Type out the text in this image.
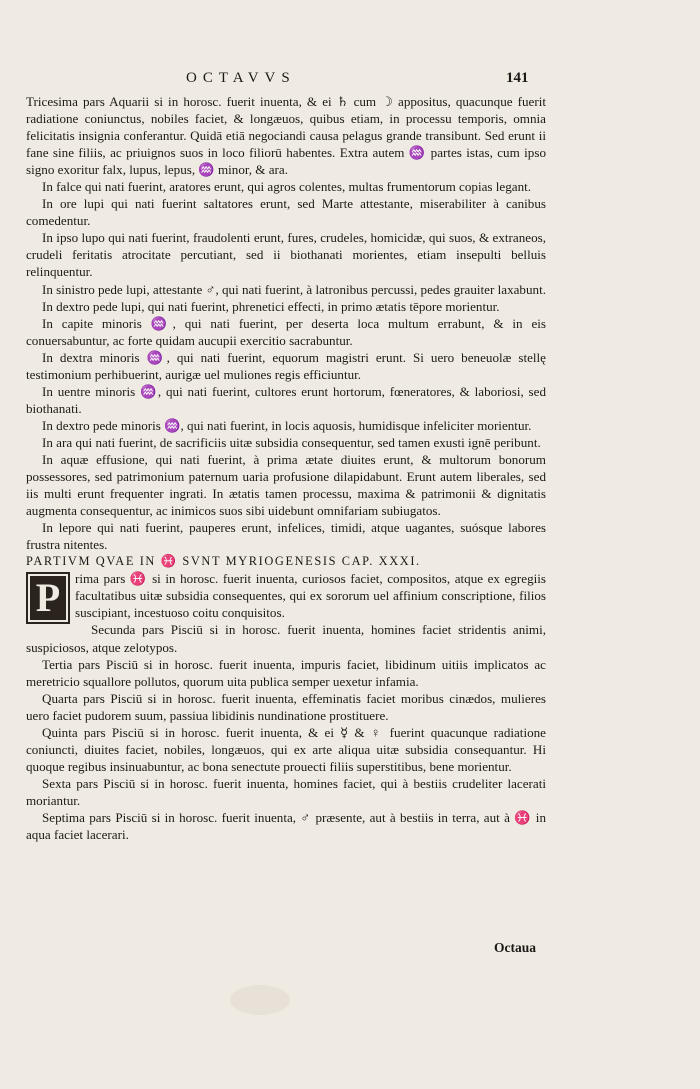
OCTAVVS	141

Tricesima pars Aquarii si in horosc. fuerit inuenta, & ei ♄ cum ☽ appositus, quacunque fuerit radiatione coniunctus, nobiles faciet, & longæuos, quibus etiam, in processu temporis, omnia felicitatis insignia conferantur. Quidā etiā negociandi causa pelagus grande transibunt. Sed erunt ii fane sine filiis, ac priuignos suos in loco filiorū habentes. Extra autem ♒ partes istas, cum ipso signo exoritur falx, lupus, lepus, ♒ minor, & ara.

In falce qui nati fuerint, aratores erunt, qui agros colentes, multas frumentorum copias legant.

In ore lupi qui nati fuerint saltatores erunt, sed Marte attestante, miserabiliter à canibus comedentur.

In ipso lupo qui nati fuerint, fraudolenti erunt, fures, crudeles, homicidæ, qui suos, & extraneos, crudeli feritatis atrocitate percutiant, sed ii biothanati morientes, etiam insepulti belluis relinquentur.

In sinistro pede lupi, attestante ♂, qui nati fuerint, à latronibus percussi, pedes grauiter laxabunt.

In dextro pede lupi, qui nati fuerint, phrenetici effecti, in primo ætatis tēpore morientur.

In capite minoris ♒, qui nati fuerint, per deserta loca multum errabunt, & in eis conuersabuntur, ac forte quidam aucupii exercitio sacrabuntur.

In dextra minoris ♒, qui nati fuerint, equorum magistri erunt. Si uero beneuolæ stellę testimonium perhibuerint, aurigæ uel muliones regis efficiuntur.

In uentre minoris ♒, qui nati fuerint, cultores erunt hortorum, fœneratores, & laboriosi, sed biothanati.

In dextro pede minoris ♒, qui nati fuerint, in locis aquosis, humidisque infeliciter morientur.

In ara qui nati fuerint, de sacrificiis uitæ subsidia consequentur, sed tamen exusti ignē peribunt.

In aquæ effusione, qui nati fuerint, à prima ætate diuites erunt, & multorum bonorum possessores, sed patrimonium paternum uaria profusione dilapidabunt. Erunt autem liberales, sed iis multi erunt frequenter ingrati. In ætatis tamen processu, maxima & patrimonii & dignitatis augmenta consequentur, ac inimicos suos sibi uidebunt omnifariam subiugatos.

In lepore qui nati fuerint, pauperes erunt, infelices, timidi, atque uagantes, suósque labores frustra nitentes.

PARTIVM QVAE IN ♓ SVNT MYRIOGENESIS CAP. XXXI.

P	rima pars ♓ si in horosc. fuerit inuenta, curiosos faciet, compositos, atque ex egregiis facultatibus uitæ subsidia consequentes, qui ex sororum uel affinium conscriptione, filios suscipiant, incestuoso coitu conquisitos.

Secunda pars Pisciū si in horosc. fuerit inuenta, homines faciet stridentis animi, suspiciosos, atque zelotypos.

Tertia pars Pisciū si in horosc. fuerit inuenta, impuris faciet, libidinum uitiis implicatos ac meretricio squallore pollutos, quorum uita publica semper uexetur infamia.

Quarta pars Pisciū si in horosc. fuerit inuenta, effeminatis faciet moribus cinædos, mulieres uero faciet pudorem suum, passiua libidinis nundinatione prostituere.

Quinta pars Pisciū si in horosc. fuerit inuenta, & ei ☿ & ♀ fuerint quacunque radiatione coniuncti, diuites faciet, nobiles, longæuos, qui ex arte aliqua uitæ subsidia consequantur. Hi quoque regibus insinuabuntur, ac bona senectute prouecti filiis superstitibus, bene morientur.

Sexta pars Pisciū si in horosc. fuerit inuenta, homines faciet, qui à bestiis crudeliter lacerati moriantur.

Septima pars Pisciū si in horosc. fuerit inuenta, ♂ præsente, aut à bestiis in terra, aut à ♓ in aqua faciet lacerari.

Octaua
